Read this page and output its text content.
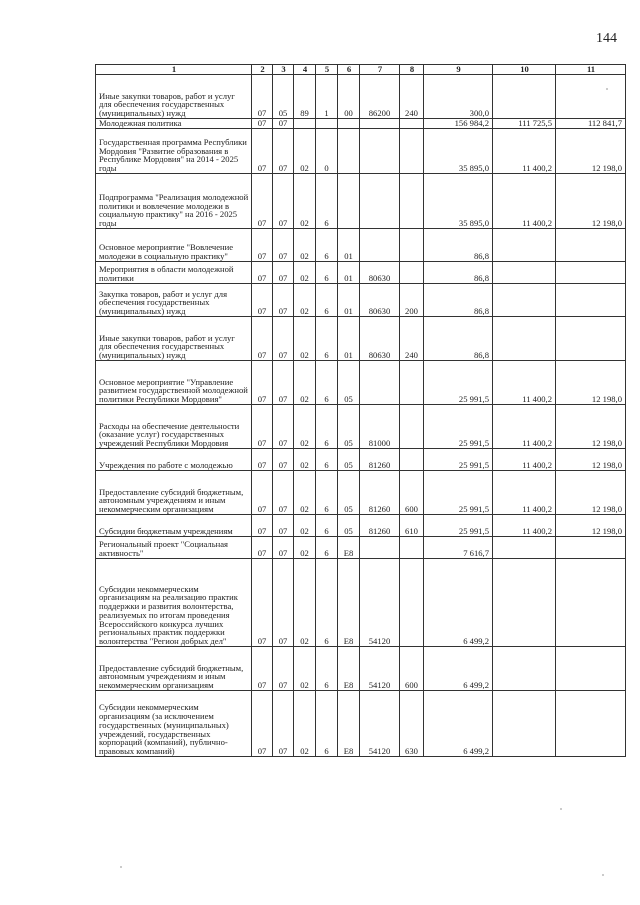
144
1	2	3	4	5	6	7	8	9	10	11
Иные закупки товаров, работ и услуг для обеспечения государственных (муниципальных) нужд	07	05	89	1	00	86200	240	300,0		
Молодежная политика	07	07						156 984,2	111 725,5	112 841,7
Государственная программа Республики Мордовия "Развитие образования в Республике Мордовия" на 2014 - 2025 годы	07	07	02	0				35 895,0	11 400,2	12 198,0
Подпрограмма "Реализация молодежной политики и вовлечение молодежи в социальную практику" на 2016 - 2025 годы	07	07	02	6				35 895,0	11 400,2	12 198,0
Основное мероприятие "Вовлечение молодежи в социальную практику"	07	07	02	6	01			86,8		
Мероприятия в области молодежной политики	07	07	02	6	01	80630		86,8		
Закупка товаров, работ и услуг для обеспечения государственных (муниципальных) нужд	07	07	02	6	01	80630	200	86,8		
Иные закупки товаров, работ и услуг для обеспечения государственных (муниципальных) нужд	07	07	02	6	01	80630	240	86,8		
Основное мероприятие "Управление развитием государственной молодежной политики Республики Мордовия"	07	07	02	6	05			25 991,5	11 400,2	12 198,0
Расходы на обеспечение деятельности (оказание услуг) государственных учреждений Республики Мордовия	07	07	02	6	05	81000		25 991,5	11 400,2	12 198,0
Учреждения по работе с молодежью	07	07	02	6	05	81260		25 991,5	11 400,2	12 198,0
Предоставление субсидий бюджетным, автономным учреждениям и иным некоммерческим организациям	07	07	02	6	05	81260	600	25 991,5	11 400,2	12 198,0
Субсидии бюджетным учреждениям	07	07	02	6	05	81260	610	25 991,5	11 400,2	12 198,0
Региональный проект "Социальная активность"	07	07	02	6	E8			7 616,7		
Субсидии некоммерческим организациям на реализацию практик поддержки и развития волонтерства, реализуемых по итогам проведения Всероссийского конкурса лучших региональных практик поддержки волонтерства "Регион добрых дел"	07	07	02	6	E8	54120		6 499,2		
Предоставление субсидий бюджетным, автономным учреждениям и иным некоммерческим организациям	07	07	02	6	E8	54120	600	6 499,2		
Субсидии некоммерческим организациям (за исключением государственных (муниципальных) учреждений, государственных корпораций (компаний), публично-правовых компаний)	07	07	02	6	E8	54120	630	6 499,2		
